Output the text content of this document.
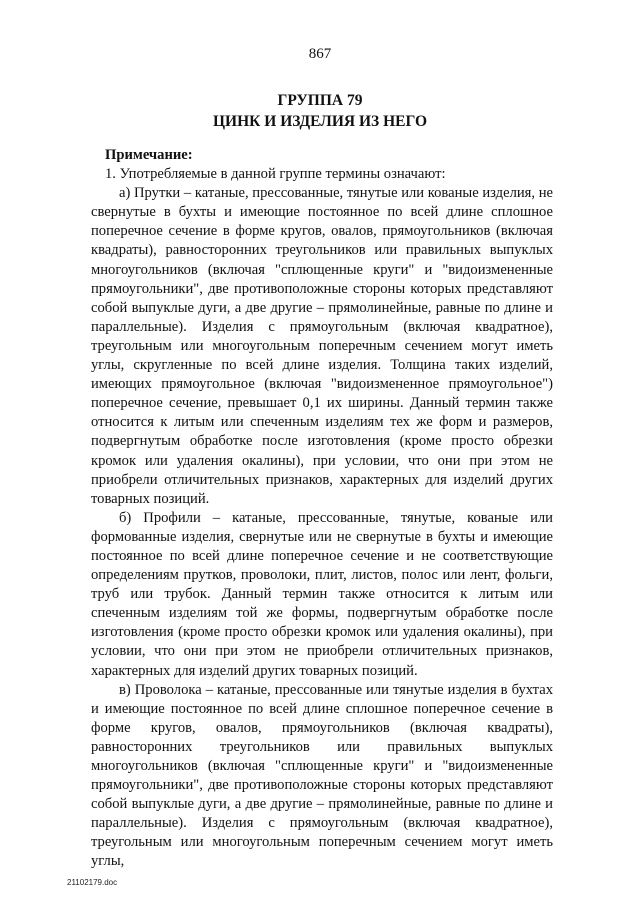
867
ГРУППА 79
ЦИНК И ИЗДЕЛИЯ ИЗ НЕГО
Примечание:
1. Употребляемые в данной группе термины означают:

а) Прутки – катаные, прессованные, тянутые или кованые изделия, не свернутые в бухты и имеющие постоянное по всей длине сплошное поперечное сечение в форме кругов, овалов, прямоугольников (включая квадраты), равносторонних треугольников или правильных выпуклых многоугольников (включая "сплющенные круги" и "видоизмененные прямоугольники", две противоположные стороны которых представляют собой выпуклые дуги, а две другие – прямолинейные, равные по длине и параллельные). Изделия с прямоугольным (включая квадратное), треугольным или многоугольным поперечным сечением могут иметь углы, скругленные по всей длине изделия. Толщина таких изделий, имеющих прямоугольное (включая "видоизмененное прямоугольное") поперечное сечение, превышает 0,1 их ширины. Данный термин также относится к литым или спеченным изделиям тех же форм и размеров, подвергнутым обработке после изготовления (кроме просто обрезки кромок или удаления окалины), при условии, что они при этом не приобрели отличительных признаков, характерных для изделий других товарных позиций.

б) Профили – катаные, прессованные, тянутые, кованые или формованные изделия, свернутые или не свернутые в бухты и имеющие постоянное по всей длине поперечное сечение и не соответствующие определениям прутков, проволоки, плит, листов, полос или лент, фольги, труб или трубок. Данный термин также относится к литым или спеченным изделиям той же формы, подвергнутым обработке после изготовления (кроме просто обрезки кромок или удаления окалины), при условии, что они при этом не приобрели отличительных признаков, характерных для изделий других товарных позиций.

в) Проволока – катаные, прессованные или тянутые изделия в бухтах и имеющие постоянное по всей длине сплошное поперечное сечение в форме кругов, овалов, прямоугольников (включая квадраты), равносторонних треугольников или правильных выпуклых многоугольников (включая "сплющенные круги" и "видоизмененные прямоугольники", две противоположные стороны которых представляют собой выпуклые дуги, а две другие – прямолинейные, равные по длине и параллельные). Изделия с прямоугольным (включая квадратное), треугольным или многоугольным поперечным сечением могут иметь углы,

21102179.doc
